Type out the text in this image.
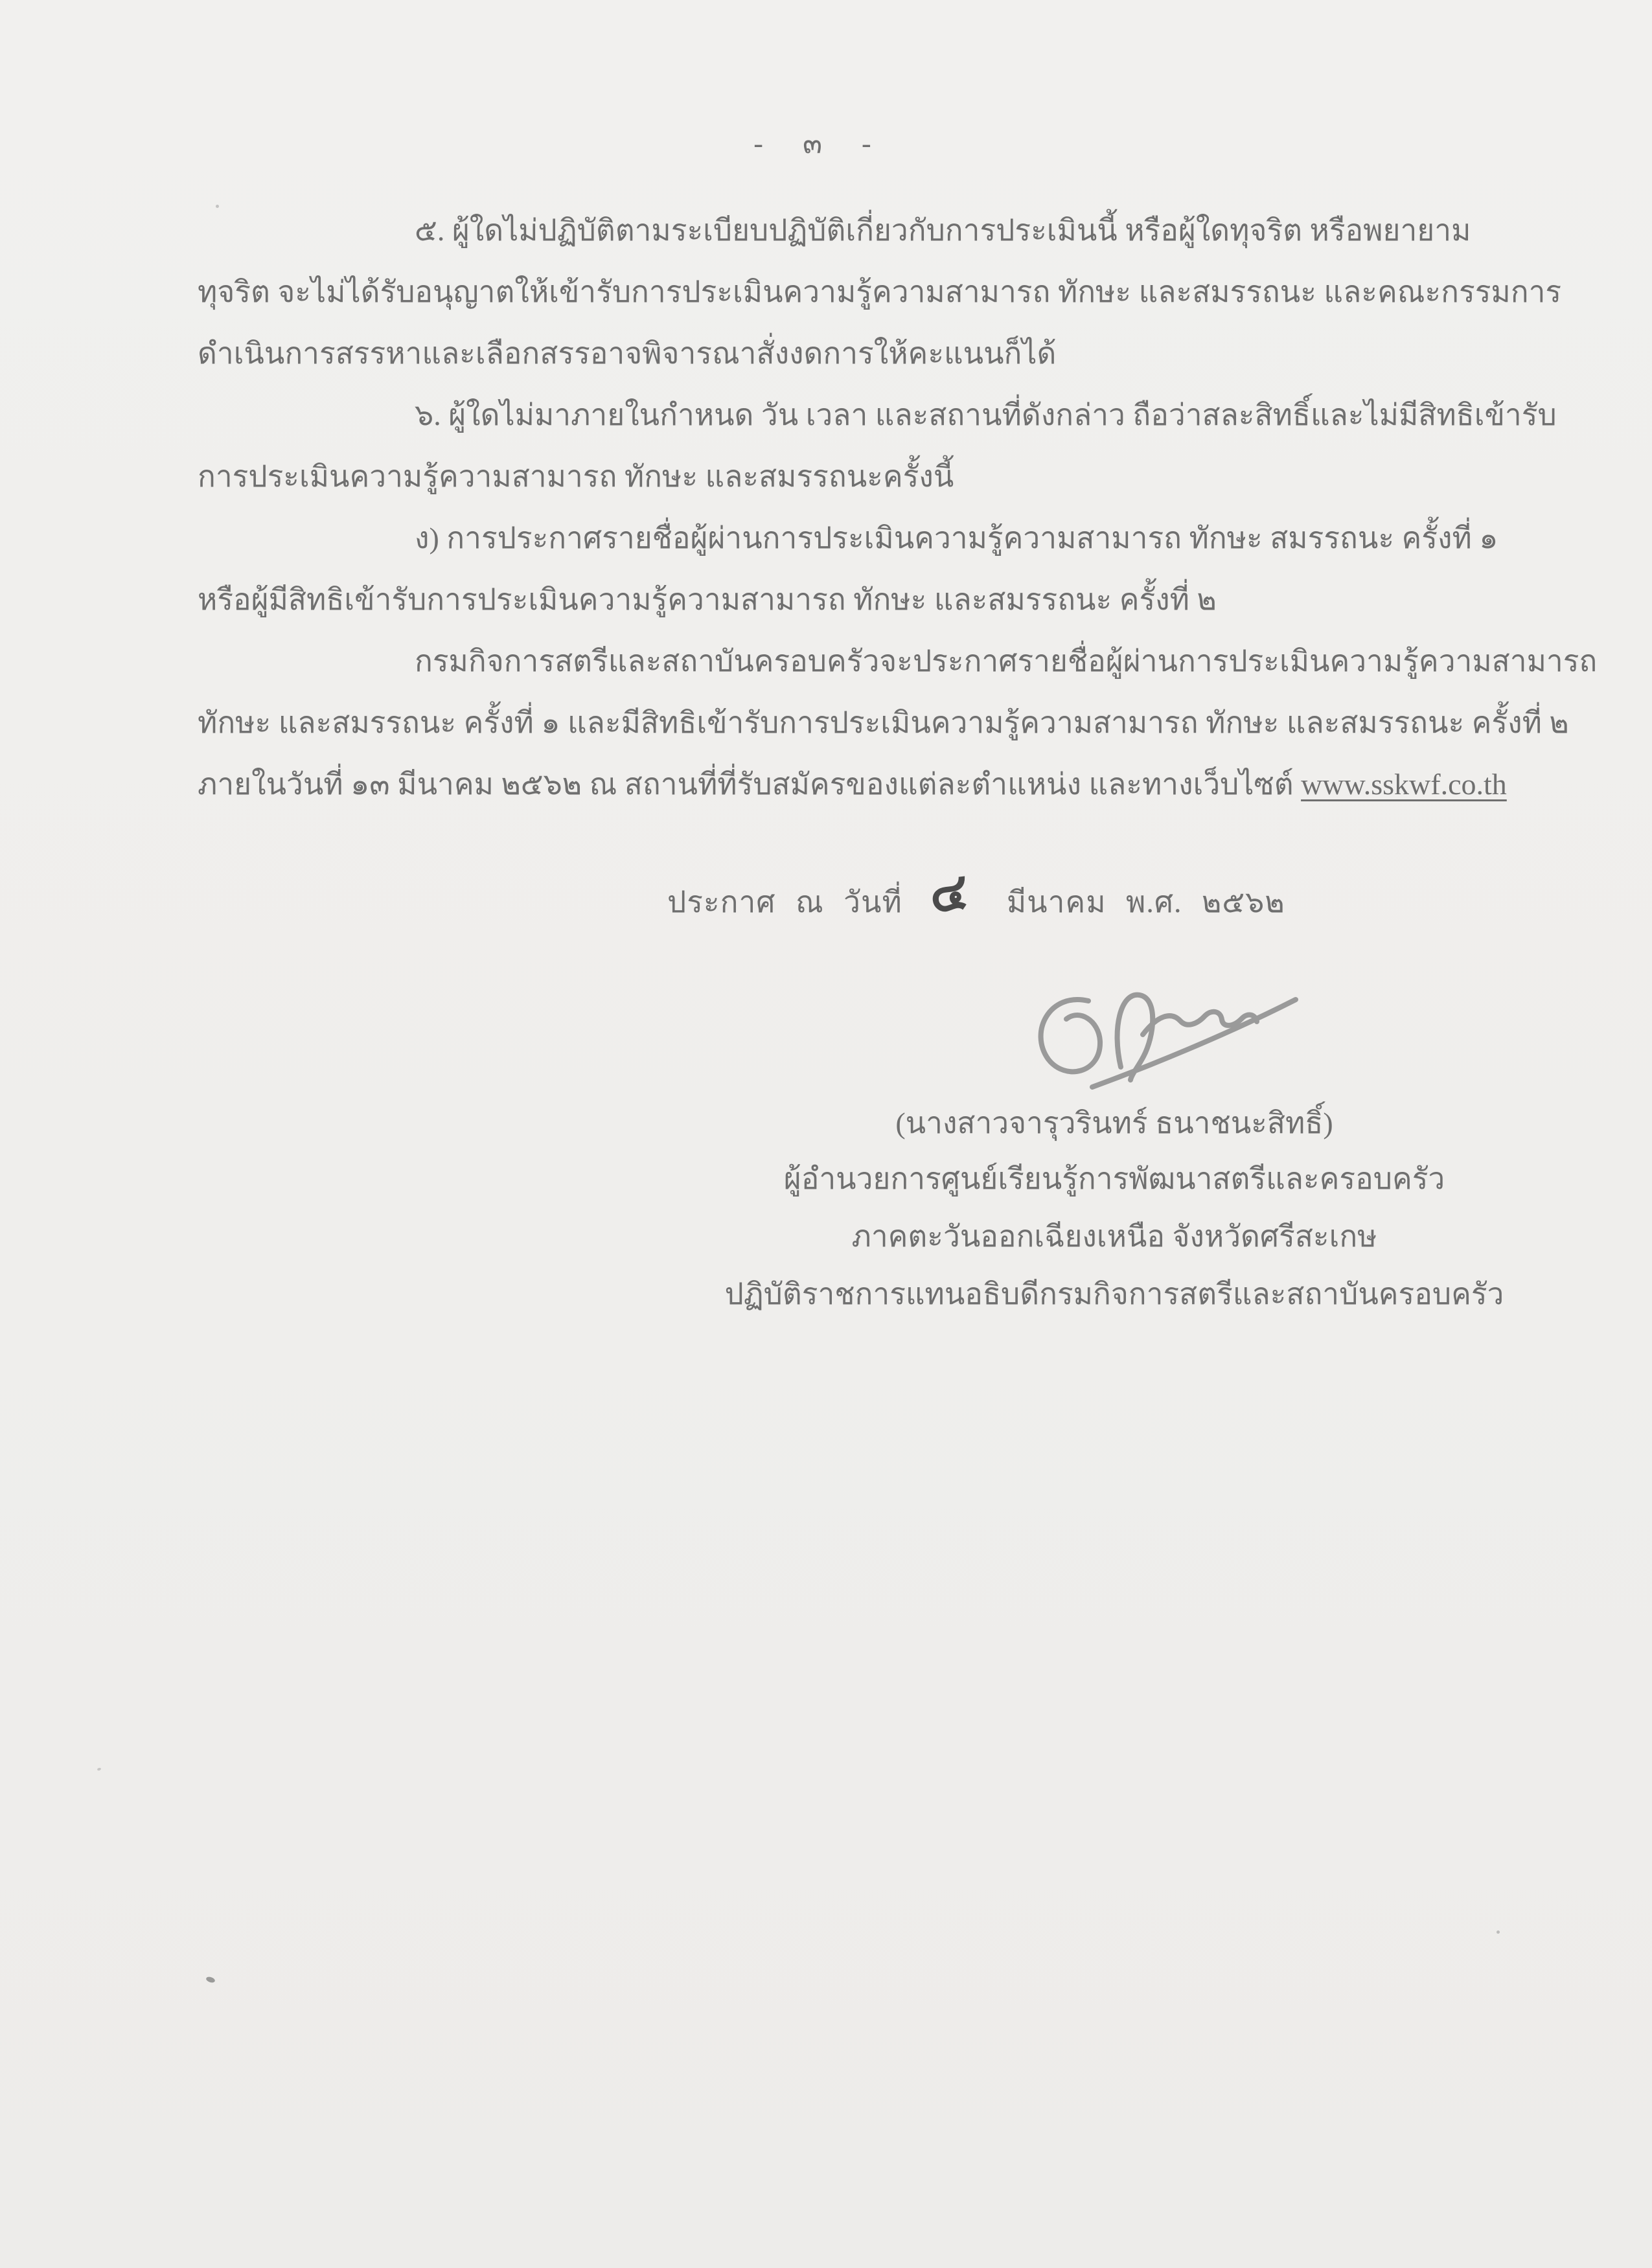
- ๓ -
๕. ผู้ใดไม่ปฏิบัติตามระเบียบปฏิบัติเกี่ยวกับการประเมินนี้ หรือผู้ใดทุจริต หรือพยายาม
ทุจริต จะไม่ได้รับอนุญาตให้เข้ารับการประเมินความรู้ความสามารถ ทักษะ และสมรรถนะ และคณะกรรมการ
ดำเนินการสรรหาและเลือกสรรอาจพิจารณาสั่งงดการให้คะแนนก็ได้
๖. ผู้ใดไม่มาภายในกำหนด วัน เวลา และสถานที่ดังกล่าว ถือว่าสละสิทธิ์และไม่มีสิทธิเข้ารับ
การประเมินความรู้ความสามารถ ทักษะ และสมรรถนะครั้งนี้
ง) การประกาศรายชื่อผู้ผ่านการประเมินความรู้ความสามารถ ทักษะ สมรรถนะ ครั้งที่ ๑
หรือผู้มีสิทธิเข้ารับการประเมินความรู้ความสามารถ ทักษะ และสมรรถนะ ครั้งที่ ๒
กรมกิจการสตรีและสถาบันครอบครัวจะประกาศรายชื่อผู้ผ่านการประเมินความรู้ความสามารถ
ทักษะ และสมรรถนะ ครั้งที่ ๑ และมีสิทธิเข้ารับการประเมินความรู้ความสามารถ ทักษะ และสมรรถนะ ครั้งที่ ๒
ภายในวันที่ ๑๓ มีนาคม ๒๕๖๒ ณ สถานที่ที่รับสมัครของแต่ละตำแหน่ง และทางเว็บไซต์ www.sskwf.co.th
ประกาศ ณ วันที่ ๔ มีนาคม พ.ศ. ๒๕๖๒
(นางสาวจารุวรินทร์ ธนาชนะสิทธิ์)
ผู้อำนวยการศูนย์เรียนรู้การพัฒนาสตรีและครอบครัว
ภาคตะวันออกเฉียงเหนือ จังหวัดศรีสะเกษ
ปฏิบัติราชการแทนอธิบดีกรมกิจการสตรีและสถาบันครอบครัว
